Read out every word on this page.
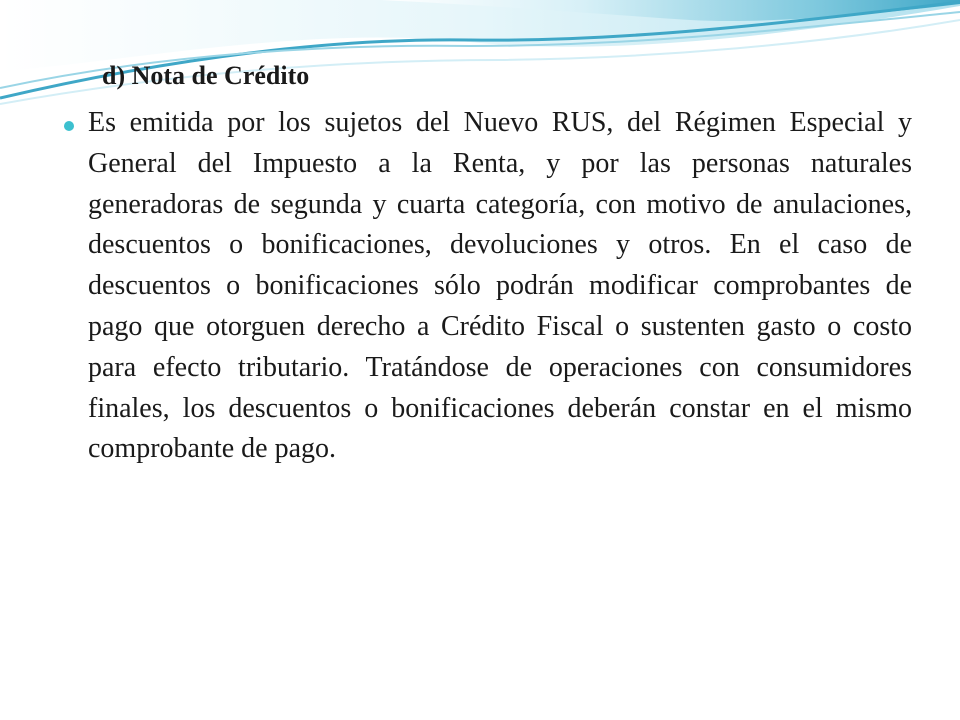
d) Nota de Crédito

Es emitida por los sujetos del Nuevo RUS, del Régimen Especial y General del Impuesto a la Renta, y por las personas naturales generadoras de segunda y cuarta categoría, con motivo de anulaciones, descuentos o bonificaciones, devoluciones y otros. En el caso de descuentos o bonificaciones sólo podrán modificar comprobantes de pago que otorguen derecho a Crédito Fiscal o sustenten gasto o costo para efecto tributario. Tratándose de operaciones con consumidores finales, los descuentos o bonificaciones deberán constar en el mismo comprobante de pago.
